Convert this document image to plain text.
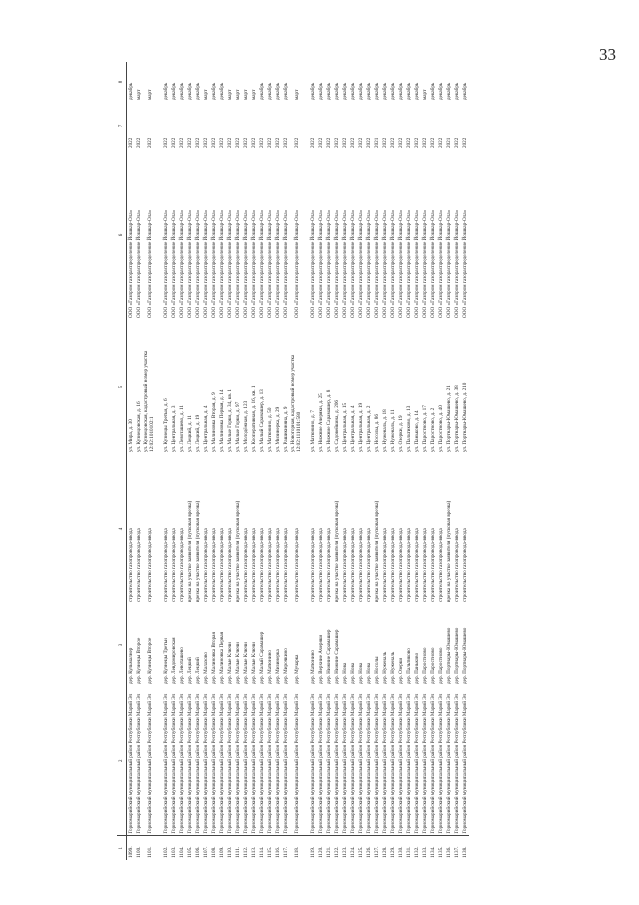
33
1	2	3	4	5	6	7	8
1099.	Горномарийский муниципальный район Республики Марий Эл	дер. Кульмалнер	строительство газопровода-ввода	ул. Мира, д. 30	ООО «Газпром газораспределение Йошкар-Ола»	2022	декабрь
1100.	Горномарийский муниципальный район Республики Марий Эл	дер. Кузнецы Второе	строительство газопровода-ввода	ул. Кузнецовская, д. 16	ООО «Газпром газораспределение Йошкар-Ола»	2022	март
1101.	Горномарийский муниципальный район Республики Марий Эл	дер. Кузнецы Второе	строительство газопровода-ввода	ул. Кузнецовская, кадастровый номер участка 12:02:1010102:1	ООО «Газпром газораспределение Йошкар-Ола»	2022	март

1102.	Горномарийский муниципальный район Республики Марий Эл	дер. Кузнецы Третьи	строительство газопровода-ввода	ул. Кузнецы Третьи, д. 6	ООО «Газпром газораспределение Йошкар-Ола»	2022	декабрь
1103.	Горномарийский муниципальный район Республики Марий Эл	дер. Левдомировская	строительство газопровода-ввода	ул. Центральная, д. 3	ООО «Газпром газораспределение Йошкар-Ола»	2022	декабрь
1104.	Горномарийский муниципальный район Республики Марий Эл	дер. Левоташево	строительство газопровода-ввода	ул. Левоташево, д. 11	ООО «Газпром газораспределение Йошкар-Ола»	2022	декабрь
1105.	Горномарийский муниципальный район Республики Марий Эл	дер. Лецкий	врезка на участке заявителя (пусковая врезка)	ул. Лецкий, д. 11	ООО «Газпром газораспределение Йошкар-Ола»	2022	декабрь
1106.	Горномарийский муниципальный район Республики Марий Эл	дер. Лецкий	врезка на участке заявителя (пусковая врезка)	ул. Лецкий, д. 19	ООО «Газпром газораспределение Йошкар-Ола»	2022	декабрь
1107.	Горномарийский муниципальный район Республики Марий Эл	дер. Малахово	строительство газопровода-ввода	ул. Центральная, д. 4	ООО «Газпром газораспределение Йошкар-Ола»	2022	март
1108.	Горномарийский муниципальный район Республики Марий Эл	дер. Малиновка Вторая	строительство газопровода-ввода	ул. Малиновка Вторая, д. 9	ООО «Газпром газораспределение Йошкар-Ола»	2022	декабрь
1109.	Горномарийский муниципальный район Республики Марий Эл	дер. Малиновка Первая	строительство газопровода-ввода	ул. Малиновка Первая, д. 14	ООО «Газпром газораспределение Йошкар-Ола»	2022	декабрь
1110.	Горномарийский муниципальный район Республики Марий Эл	дер. Малые Ключи	строительство газопровода-ввода	ул. Малые Горки, д. 34, кв. 1	ООО «Газпром газораспределение Йошкар-Ола»	2022	март
1111.	Горномарийский муниципальный район Республики Марий Эл	дер. Малые Ключи	врезка на участке заявителя (пусковая врезка)	ул. Малые Горки, д. 97	ООО «Газпром газораспределение Йошкар-Ола»	2022	март
1112.	Горномарийский муниципальный район Республики Марий Эл	дер. Малые Ключи	строительство газопровода-ввода	ул. Молодёжная, д. 123	ООО «Газпром газораспределение Йошкар-Ола»	2022	март
1113.	Горномарийский муниципальный район Республики Марий Эл	дер. Малые Ключи	строительство газопровода-ввода	ул. Кооперативная, д. 16, кв. 1	ООО «Газпром газораспределение Йошкар-Ола»	2022	март
1114.	Горномарийский муниципальный район Республики Марий Эл	дер. Малый Сарамашер	строительство газопровода-ввода	ул. Малый Сарамашер, д. 13	ООО «Газпром газораспределение Йошкар-Ола»	2022	декабрь
1115.	Горномарийский муниципальный район Республики Марий Эл	дер. Матюнино	строительство газопровода-ввода	ул. Матюнино, д. 50	ООО «Газпром газораспределение Йошкар-Ола»	2022	декабрь
1116.	Горномарийский муниципальный район Республики Марий Эл	дер. Мизинерка	строительство газопровода-ввода	ул. Мизинерка, д. 29	ООО «Газпром газораспределение Йошкар-Ола»	2022	декабрь
1117.	Горномарийский муниципальный район Республики Марий Эл	дер. Мирочкино	строительство газопровода-ввода	ул. Рашикиняна, д. 9	ООО «Газпром газораспределение Йошкар-Ола»	2022	декабрь
1118.	Горномарийский муниципальный район Республики Марий Эл	дер. Мучарка	строительство газопровода-ввода	ул. Новогорная, кадастровый номер участка 12:02:1110101:580	ООО «Газпром газораспределение Йошкар-Ола»	2022	март

1119.	Горномарийский муниципальный район Республики Марий Эл	дер. Матюнино	строительство газопровода-ввода	ул. Матюнино, д. 7	ООО «Газпром газораспределение Йошкар-Ола»	2022	декабрь
1120.	Горномарийский муниципальный район Республики Марий Эл	дер. Верхние Ачеряки	строительство газопровода-ввода	ул. Нижние Ачеряки, д. 25	ООО «Газпром газораспределение Йошкар-Ола»	2022	декабрь
1121.	Горномарийский муниципальный район Республики Марий Эл	дер. Нижние Сарамашер	строительство газопровода-ввода	ул. Нижние Сарамашер, д. 8	ООО «Газпром газораспределение Йошкар-Ола»	2022	декабрь
1122.	Горномарийский муниципальный район Республики Марий Эл	дер. Нижние Сарамашер	врезка на участке заявителя (пусковая врезка)	ул. Садовейкина, д. 206	ООО «Газпром газораспределение Йошкар-Ола»	2022	декабрь
1123.	Горномарийский муниципальный район Республики Марий Эл	дер. Нова	строительство газопровода-ввода	ул. Центральная, д. 15	ООО «Газпром газораспределение Йошкар-Ола»	2022	декабрь
1124.	Горномарийский муниципальный район Республики Марий Эл	дер. Нова	строительство газопровода-ввода	ул. Центральная, д. 4	ООО «Газпром газораспределение Йошкар-Ола»	2022	декабрь
1125.	Горномарийский муниципальный район Республики Марий Эл	дер. Нова	строительство газопровода-ввода	ул. Центральная, д. 19	ООО «Газпром газораспределение Йошкар-Ола»	2022	декабрь
1126.	Горномарийский муниципальный район Республики Марий Эл	дер. Нова	строительство газопровода-ввода	ул. Центральная, д. 2	ООО «Газпром газораспределение Йошкар-Ола»	2022	декабрь
1127.	Горномарийский муниципальный район Республики Марий Эл	дер. Носолы	врезка на участке заявителя (пусковая врезка)	ул. Носолы, д. 86	ООО «Газпром газораспределение Йошкар-Ола»	2021	декабрь
1128.	Горномарийский муниципальный район Республики Марий Эл	дер. Нуженаль	строительство газопровода-ввода	ул. Нуженаль, д. 18	ООО «Газпром газораспределение Йошкар-Ола»	2022	декабрь
1129.	Горномарийский муниципальный район Республики Марий Эл	дер. Нуженаль	строительство газопровода-ввода	ул. Нуженаль, д. 11	ООО «Газпром газораспределение Йошкар-Ола»	2022	декабрь
1130.	Горномарийский муниципальный район Республики Марий Эл	дер. Озерки	строительство газопровода-ввода	ул. Озерки, д. 19	ООО «Газпром газораспределение Йошкар-Ола»	2022	декабрь
1131.	Горномарийский муниципальный район Республики Марий Эл	дер. Пальтиково	строительство газопровода-ввода	ул. Пальтиково, д. 13	ООО «Газпром газораспределение Йошкар-Ола»	2022	декабрь
1132.	Горномарийский муниципальный район Республики Марий Эл	дер. Паньково	строительство газопровода-ввода	ул. Паньково, д. 14	ООО «Газпром газораспределение Йошкар-Ола»	2022	декабрь
1133.	Горномарийский муниципальный район Республики Марий Эл	дер. Паростново	строительство газопровода-ввода	ул. Паростново, д. 17	ООО «Газпром газораспределение Йошкар-Ола»	2022	март
1134.	Горномарийский муниципальный район Республики Марий Эл	дер. Паростново	строительство газопровода-ввода	ул. Паростново, д. 2	ООО «Газпром газораспределение Йошкар-Ола»	2022	декабрь
1135.	Горномарийский муниципальный район Республики Марий Эл	дер. Паростново	строительство газопровода-ввода	ул. Паростново, д. 40	ООО «Газпром газораспределение Йошкар-Ола»	2022	декабрь
1136.	Горномарийский муниципальный район Республики Марий Эл	дер. Портнары-Юмашево	врезка на участке заявителя (пусковая врезка)	ул. Портнары-Юмашево, д. 21	ООО «Газпром газораспределение Йошкар-Ола»	2021	декабрь
1137.	Горномарийский муниципальный район Республики Марий Эл	дер. Портнары-Юмашево	строительство газопровода-ввода	ул. Портнары-Юмашево, д. 38	ООО «Газпром газораспределение Йошкар-Ола»	2022	декабрь
1138.	Горномарийский муниципальный район Республики Марий Эл	дер. Портнары-Юмашево	строительство газопровода-ввода	ул. Портнары-Юмашево, д. 210	ООО «Газпром газораспределение Йошкар-Ола»	2022	декабрь
